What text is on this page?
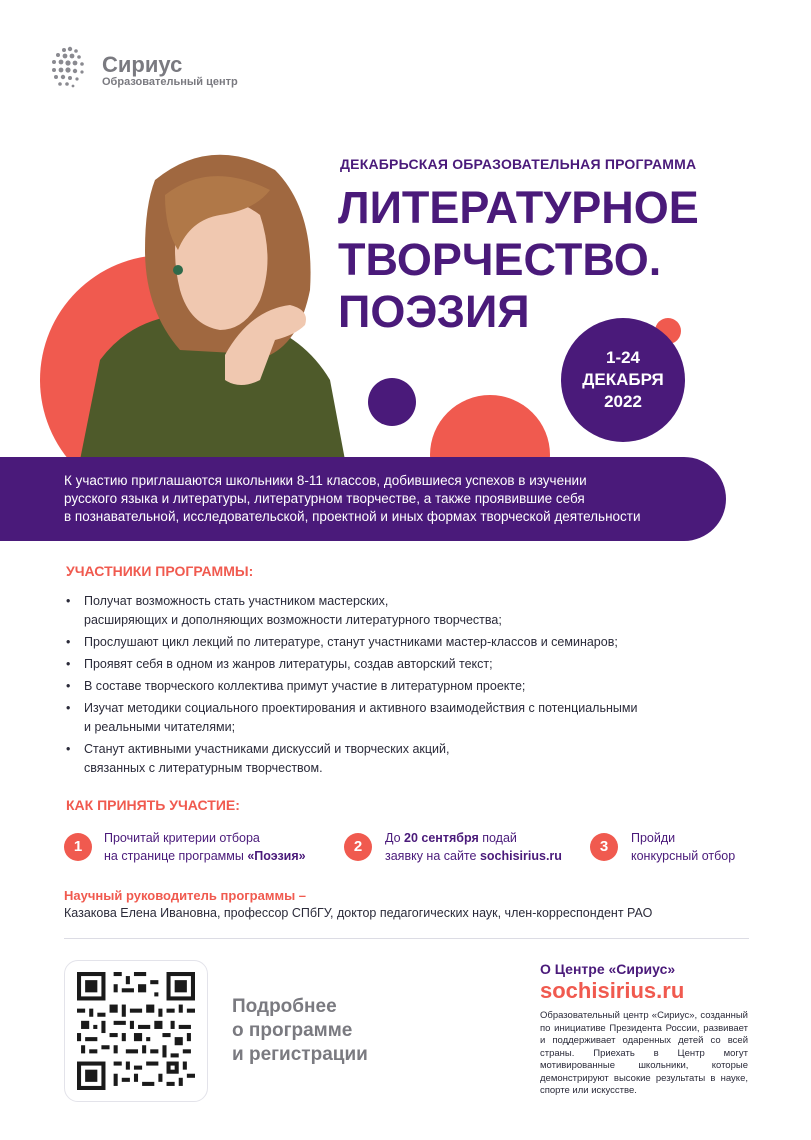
Сириус
Образовательный центр
ДЕКАБРЬСКАЯ ОБРАЗОВАТЕЛЬНАЯ ПРОГРАММА
ЛИТЕРАТУРНОЕ
ТВОРЧЕСТВО.
ПОЭЗИЯ
1-24
ДЕКАБРЯ
2022
К участию приглашаются школьники 8-11 классов, добившиеся успехов в изучении
русского языка и литературы, литературном творчестве, а также проявившие себя
в познавательной, исследовательской, проектной и иных формах творческой деятельности
УЧАСТНИКИ ПРОГРАММЫ:
• Получат возможность стать участником мастерских,
расширяющих и дополняющих возможности литературного творчества;
• Прослушают цикл лекций по литературе, станут участниками мастер-классов и семинаров;
• Проявят себя в одном из жанров литературы, создав авторский текст;
• В составе творческого коллектива примут участие в литературном проекте;
• Изучат методики социального проектирования и активного взаимодействия с потенциальными
и реальными читателями;
• Станут активными участниками дискуссий и творческих акций,
связанных с литературным творчеством.
КАК ПРИНЯТЬ УЧАСТИЕ:
1	Прочитай критерии отбора
на странице программы «Поэзия»
2	До 20 сентября подай
заявку на сайте sochisirius.ru
3	Пройди
конкурсный отбор
Научный руководитель программы –
Казакова Елена Ивановна, профессор СПбГУ, доктор педагогических наук, член-корреспондент РАО
Подробнее
о программе
и регистрации
О Центре «Сириус»
sochisirius.ru
Образовательный центр «Сириус», созданный по инициативе Президента России, развивает и поддерживает одаренных детей со всей страны. Приехать в Центр могут мотивированные школьники, которые демонстрируют высокие результаты в науке, спорте или искусстве.
